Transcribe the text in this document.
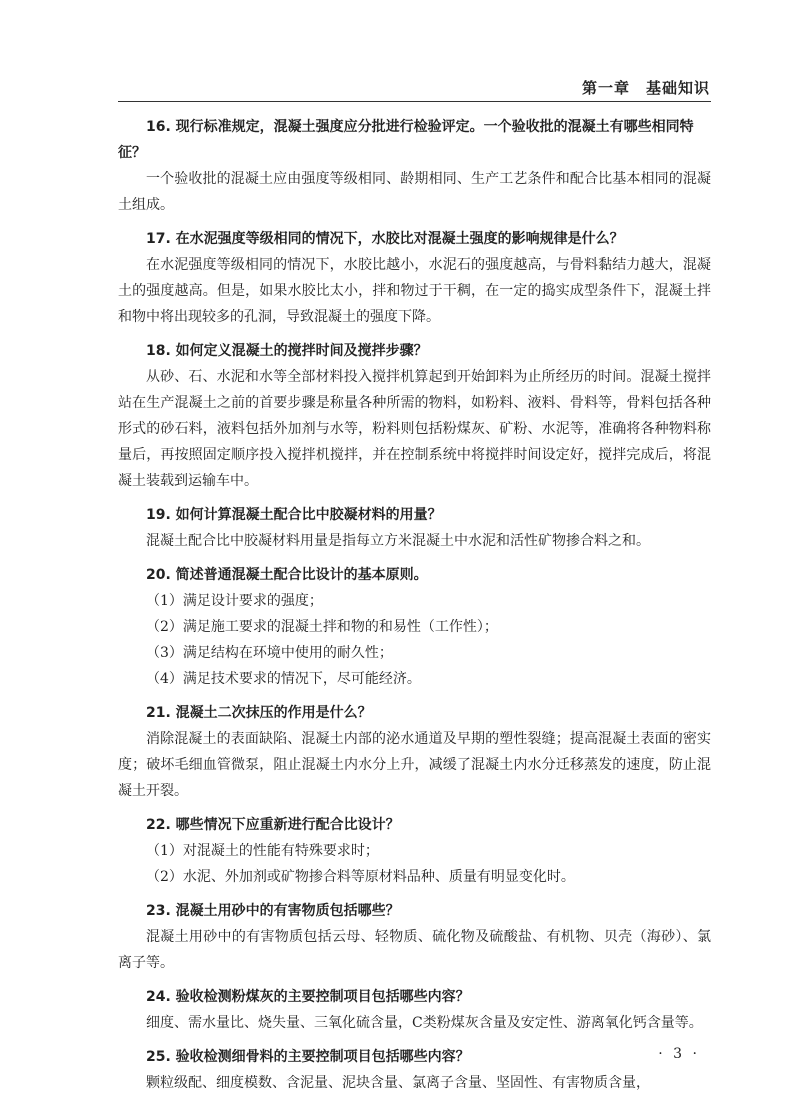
第一章　基础知识

16. 现行标准规定，混凝土强度应分批进行检验评定。一个验收批的混凝土有哪些相同特征？

一个验收批的混凝土应由强度等级相同、龄期相同、生产工艺条件和配合比基本相同的混凝土组成。

17. 在水泥强度等级相同的情况下，水胶比对混凝土强度的影响规律是什么？

在水泥强度等级相同的情况下，水胶比越小，水泥石的强度越高，与骨料黏结力越大，混凝土的强度越高。但是，如果水胶比太小，拌和物过于干稠，在一定的捣实成型条件下，混凝土拌和物中将出现较多的孔洞，导致混凝土的强度下降。

18. 如何定义混凝土的搅拌时间及搅拌步骤？

从砂、石、水泥和水等全部材料投入搅拌机算起到开始卸料为止所经历的时间。混凝土搅拌站在生产混凝土之前的首要步骤是称量各种所需的物料，如粉料、液料、骨料等，骨料包括各种形式的砂石料，液料包括外加剂与水等，粉料则包括粉煤灰、矿粉、水泥等，准确将各种物料称量后，再按照固定顺序投入搅拌机搅拌，并在控制系统中将搅拌时间设定好，搅拌完成后，将混凝土装载到运输车中。

19. 如何计算混凝土配合比中胶凝材料的用量？

混凝土配合比中胶凝材料用量是指每立方米混凝土中水泥和活性矿物掺合料之和。

20. 简述普通混凝土配合比设计的基本原则。

（1）满足设计要求的强度；

（2）满足施工要求的混凝土拌和物的和易性（工作性）；

（3）满足结构在环境中使用的耐久性；

（4）满足技术要求的情况下，尽可能经济。

21. 混凝土二次抹压的作用是什么？

消除混凝土的表面缺陷、混凝土内部的泌水通道及早期的塑性裂缝；提高混凝土表面的密实度；破坏毛细血管微泵，阻止混凝土内水分上升，减缓了混凝土内水分迁移蒸发的速度，防止混凝土开裂。

22. 哪些情况下应重新进行配合比设计？

（1）对混凝土的性能有特殊要求时；

（2）水泥、外加剂或矿物掺合料等原材料品种、质量有明显变化时。

23. 混凝土用砂中的有害物质包括哪些？

混凝土用砂中的有害物质包括云母、轻物质、硫化物及硫酸盐、有机物、贝壳（海砂）、氯离子等。

24. 验收检测粉煤灰的主要控制项目包括哪些内容？

细度、需水量比、烧失量、三氧化硫含量，C类粉煤灰含量及安定性、游离氧化钙含量等。

25. 验收检测细骨料的主要控制项目包括哪些内容？

颗粒级配、细度模数、含泥量、泥块含量、氯离子含量、坚固性、有害物质含量，

· 3 ·
